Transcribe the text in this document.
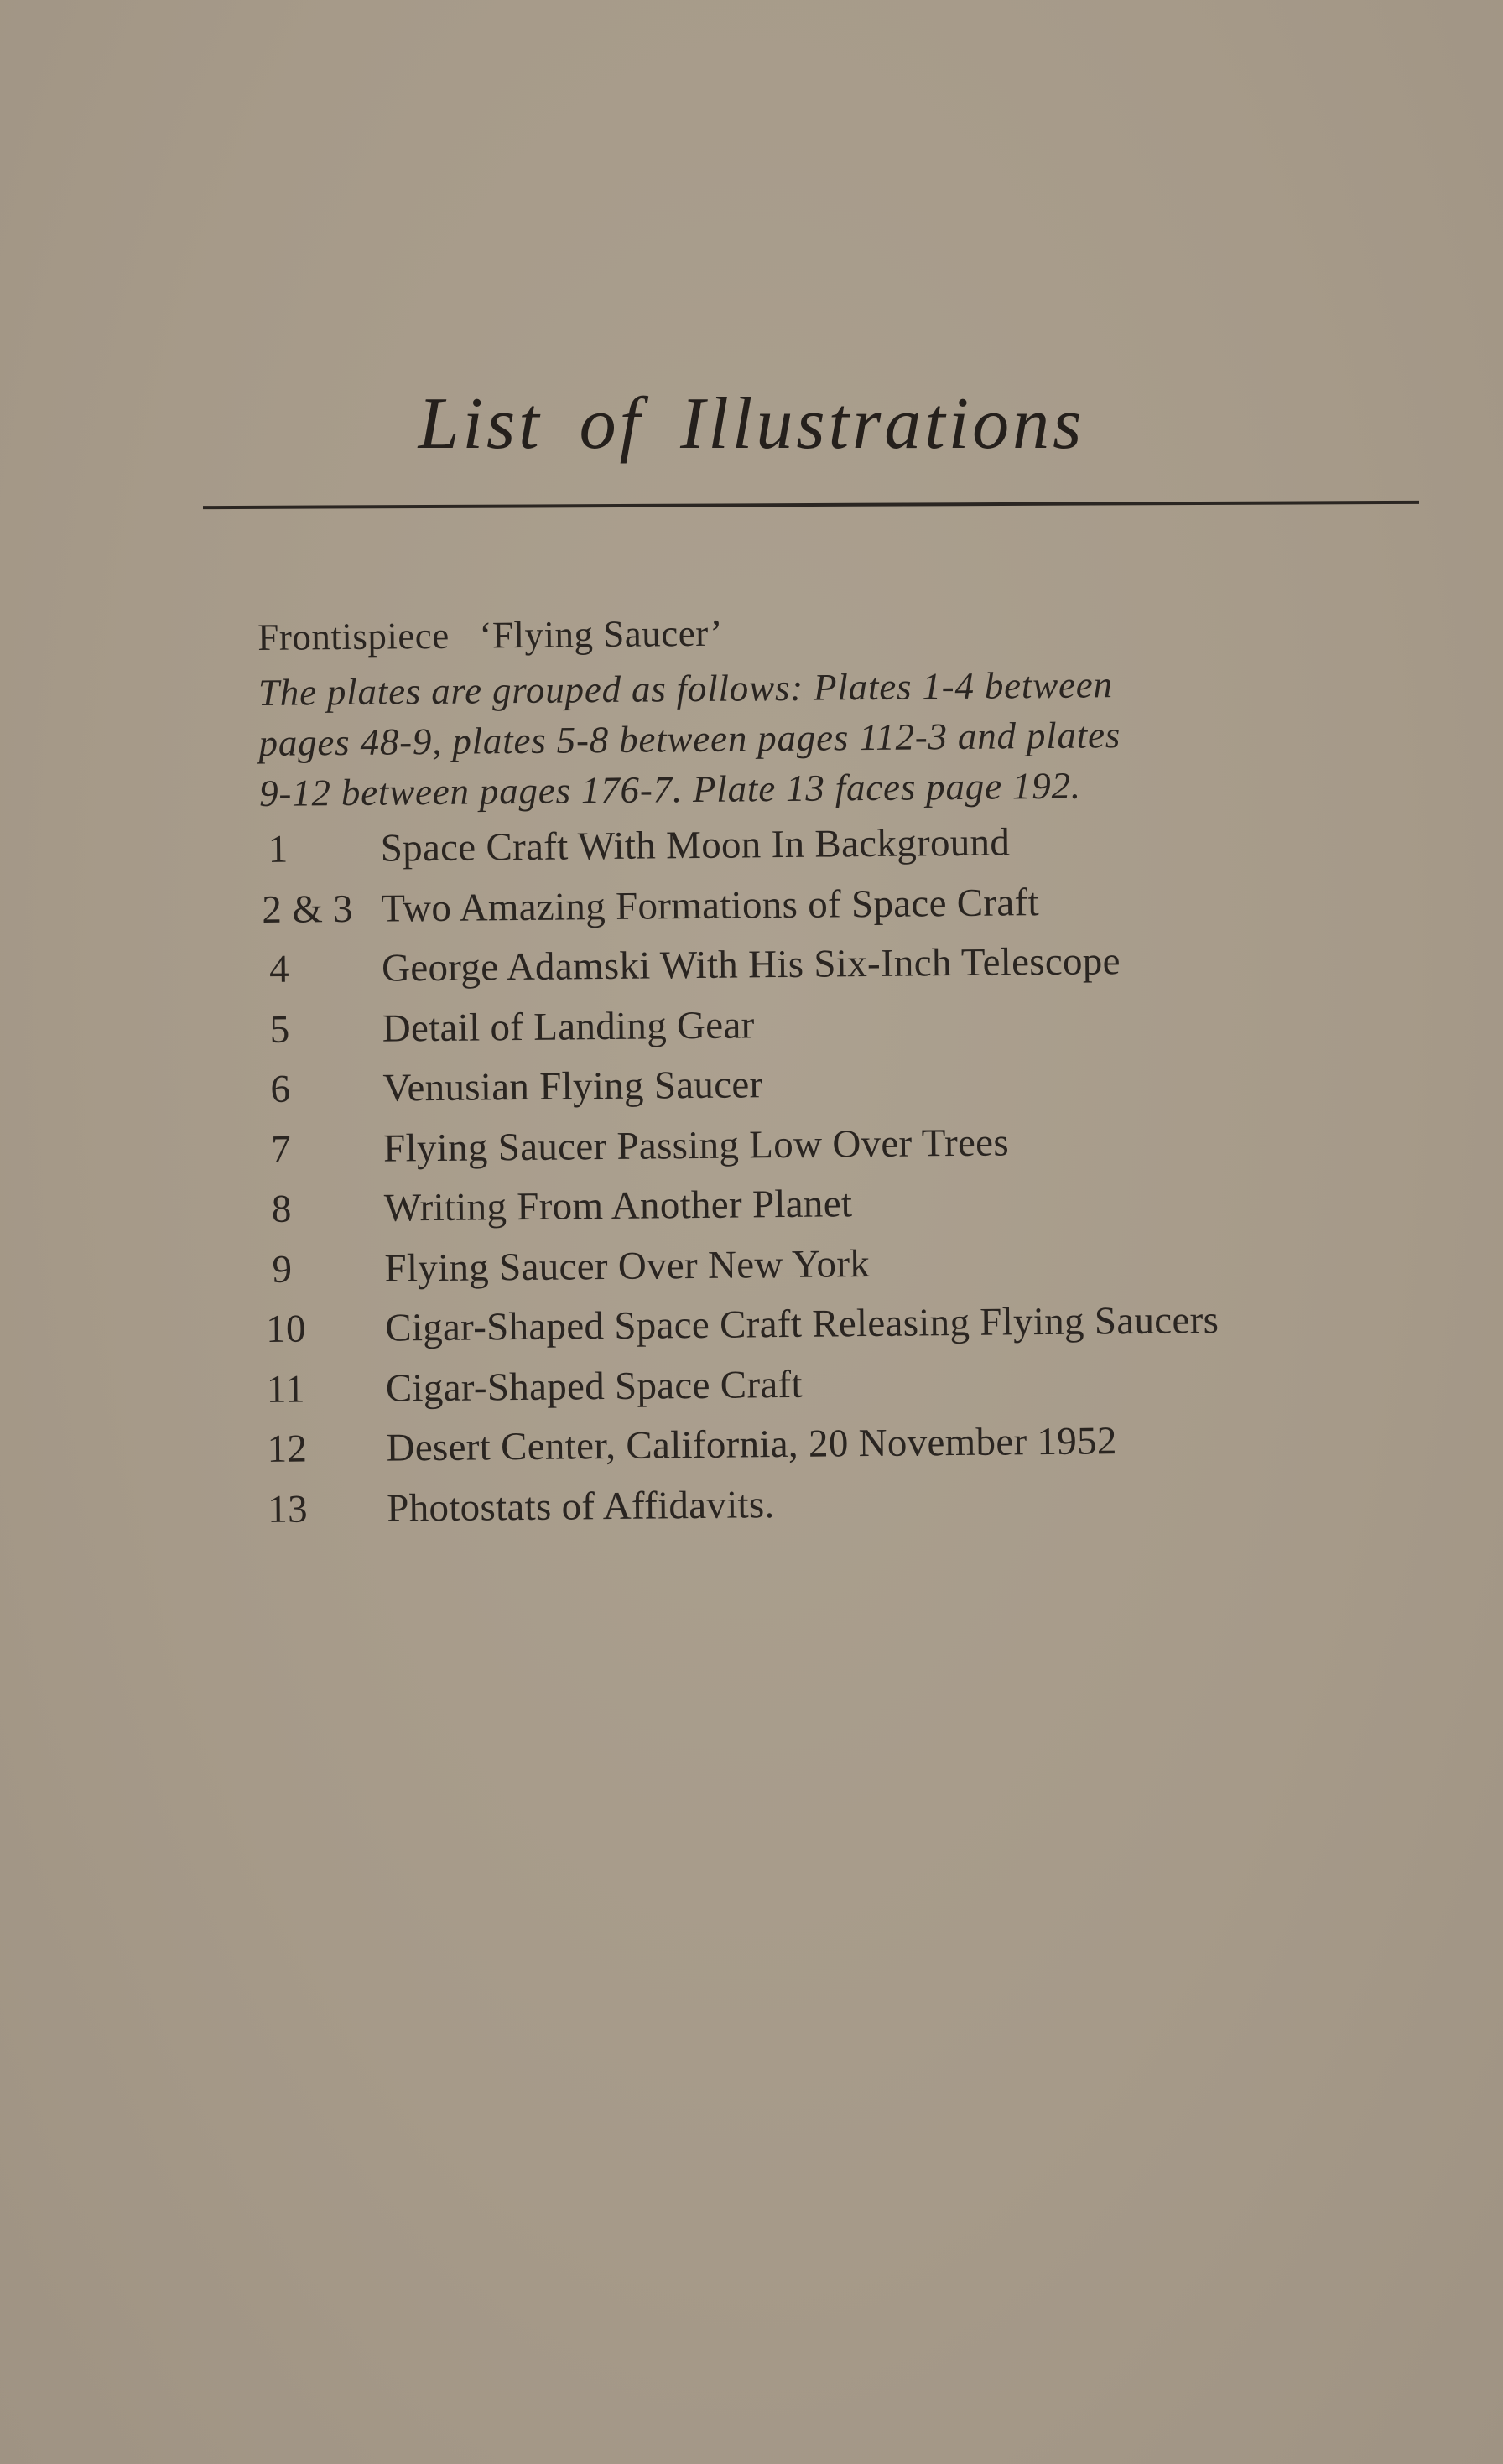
List of Illustrations
Frontispiece ‘Flying Saucer’

The plates are grouped as follows: Plates 1-4 between

pages 48-9, plates 5-8 between pages 112-3 and plates

9-12 between pages 176-7. Plate 13 faces page 192.

1	Space Craft With Moon In Background
2 & 3 Two Amazing Formations of Space Craft
4	George Adamski With His Six-Inch Telescope
5	Detail of Landing Gear
6	Venusian Flying Saucer
7	Flying Saucer Passing Low Over Trees
8	Writing From Another Planet
9	Flying Saucer Over New York
10	Cigar-Shaped Space Craft Releasing Flying Saucers
11	Cigar-Shaped Space Craft
12	Desert Center, California, 20 November 1952
13	Photostats of Affidavits.
